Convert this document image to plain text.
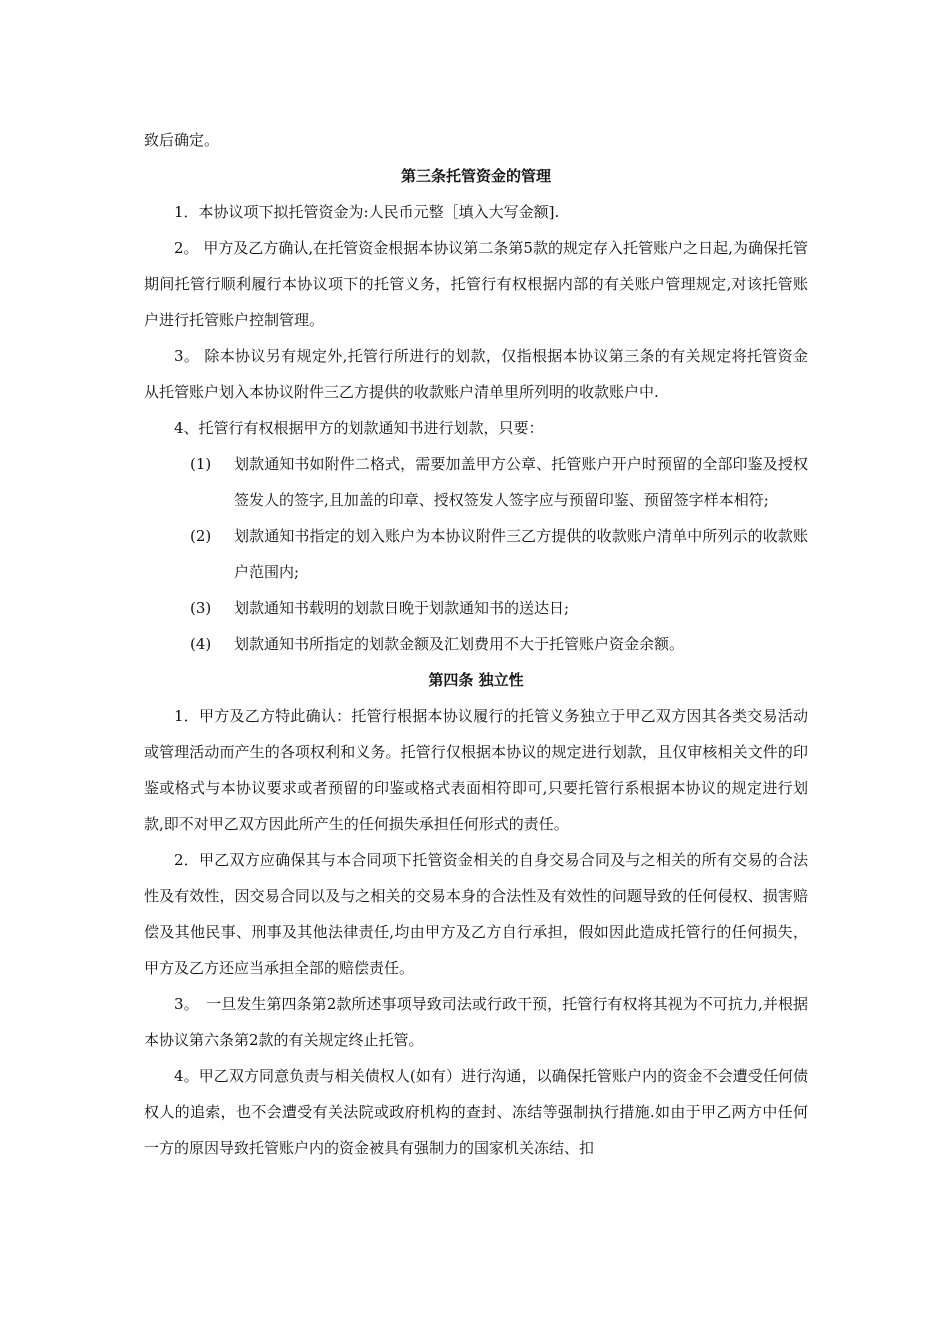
致后确定。

第三条托管资金的管理

1．本协议项下拟托管资金为:人民币元整［填入大写金额].

2。 甲方及乙方确认,在托管资金根据本协议第二条第5款的规定存入托管账户之日起,为确保托管期间托管行顺利履行本协议项下的托管义务，托管行有权根据内部的有关账户管理规定,对该托管账户进行托管账户控制管理。

3。 除本协议另有规定外,托管行所进行的划款，仅指根据本协议第三条的有关规定将托管资金从托管账户划入本协议附件三乙方提供的收款账户清单里所列明的收款账户中.

4、托管行有权根据甲方的划款通知书进行划款，只要：

(1)	划款通知书如附件二格式，需要加盖甲方公章、托管账户开户时预留的全部印鉴及授权签发人的签字,且加盖的印章、授权签发人签字应与预留印鉴、预留签字样本相符;
(2)	划款通知书指定的划入账户为本协议附件三乙方提供的收款账户清单中所列示的收款账户范围内;
(3)	划款通知书载明的划款日晚于划款通知书的送达日;
(4)	划款通知书所指定的划款金额及汇划费用不大于托管账户资金余额。
第四条 独立性

1．甲方及乙方特此确认：托管行根据本协议履行的托管义务独立于甲乙双方因其各类交易活动或管理活动而产生的各项权利和义务。托管行仅根据本协议的规定进行划款，且仅审核相关文件的印鉴或格式与本协议要求或者预留的印鉴或格式表面相符即可,只要托管行系根据本协议的规定进行划款,即不对甲乙双方因此所产生的任何损失承担任何形式的责任。

2．甲乙双方应确保其与本合同项下托管资金相关的自身交易合同及与之相关的所有交易的合法性及有效性，因交易合同以及与之相关的交易本身的合法性及有效性的问题导致的任何侵权、损害赔偿及其他民事、刑事及其他法律责任,均由甲方及乙方自行承担，假如因此造成托管行的任何损失，甲方及乙方还应当承担全部的赔偿责任。

3。　一旦发生第四条第2款所述事项导致司法或行政干预，托管行有权将其视为不可抗力,并根据本协议第六条第2款的有关规定终止托管。

4。甲乙双方同意负责与相关债权人(如有）进行沟通，以确保托管账户内的资金不会遭受任何债权人的追索，也不会遭受有关法院或政府机构的查封、冻结等强制执行措施.如由于甲乙两方中任何一方的原因导致托管账户内的资金被具有强制力的国家机关冻结、扣
